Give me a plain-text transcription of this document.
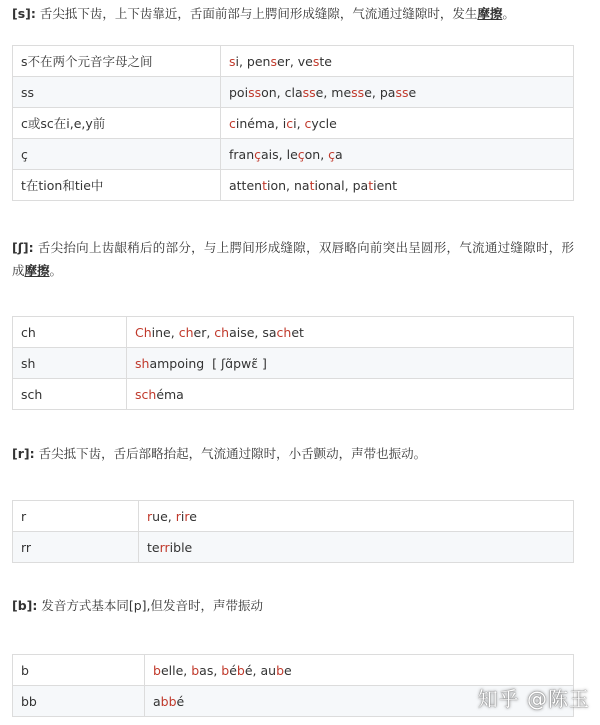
[s]: 舌尖抵下齿，上下齿靠近，舌面前部与上腭间形成缝隙，气流通过缝隙时，发生摩擦。
s不在两个元音字母之间	si, penser, veste
ss	poisson, classe, messe, passe
c或sc在i,e,y前	cinéma, ici, cycle
ç	français, leçon, ça
t在tion和tie中	attention, national, patient
[ʃ]: 舌尖抬向上齿龈稍后的部分，与上腭间形成缝隙，双唇略向前突出呈圆形，气流通过缝隙时，形成摩擦。
ch	Chine, cher, chaise, sachet
sh	shampoing  [ ʃɑ̃pwɛ̃ ]
sch	schéma
[r]: 舌尖抵下齿，舌后部略抬起，气流通过隙时，小舌颤动，声带也振动。
r	rue, rire
rr	terrible
[b]: 发音方式基本同[p],但发音时，声带振动
b	belle, bas, bébé, aube
bb	abbé	知乎 @陈玉
